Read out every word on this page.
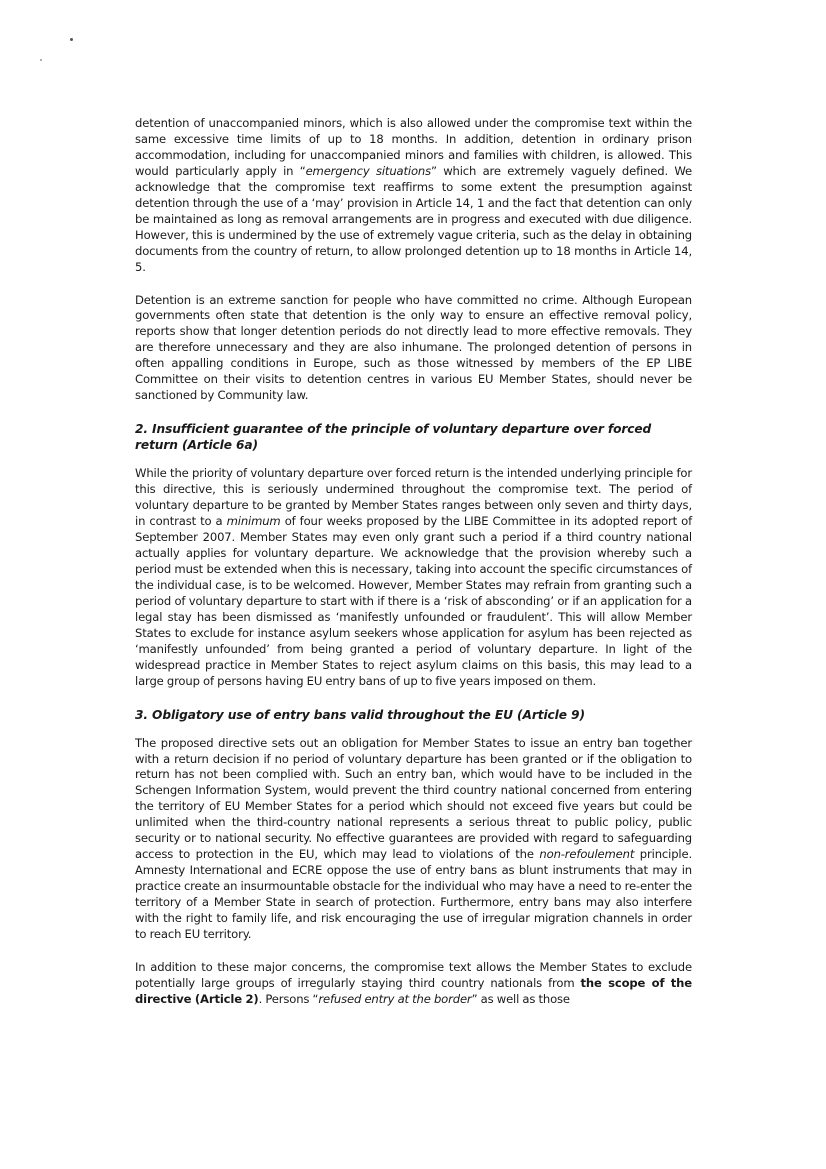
detention of unaccompanied minors, which is also allowed under the compromise text within the same excessive time limits of up to 18 months. In addition, detention in ordinary prison accommodation, including for unaccompanied minors and families with children, is allowed. This would particularly apply in “emergency situations” which are extremely vaguely defined. We acknowledge that the compromise text reaffirms to some extent the presumption against detention through the use of a ‘may’ provision in Article 14, 1 and the fact that detention can only be maintained as long as removal arrangements are in progress and executed with due diligence. However, this is undermined by the use of extremely vague criteria, such as the delay in obtaining documents from the country of return, to allow prolonged detention up to 18 months in Article 14, 5.

Detention is an extreme sanction for people who have committed no crime. Although European governments often state that detention is the only way to ensure an effective removal policy, reports show that longer detention periods do not directly lead to more effective removals. They are therefore unnecessary and they are also inhumane. The prolonged detention of persons in often appalling conditions in Europe, such as those witnessed by members of the EP LIBE Committee on their visits to detention centres in various EU Member States, should never be sanctioned by Community law.

2. Insufficient guarantee of the principle of voluntary departure over forced return (Article 6a)

While the priority of voluntary departure over forced return is the intended underlying principle for this directive, this is seriously undermined throughout the compromise text. The period of voluntary departure to be granted by Member States ranges between only seven and thirty days, in contrast to a minimum of four weeks proposed by the LIBE Committee in its adopted report of September 2007. Member States may even only grant such a period if a third country national actually applies for voluntary departure. We acknowledge that the provision whereby such a period must be extended when this is necessary, taking into account the specific circumstances of the individual case, is to be welcomed. However, Member States may refrain from granting such a period of voluntary departure to start with if there is a ‘risk of absconding’ or if an application for a legal stay has been dismissed as ‘manifestly unfounded or fraudulent’. This will allow Member States to exclude for instance asylum seekers whose application for asylum has been rejected as ‘manifestly unfounded’ from being granted a period of voluntary departure. In light of the widespread practice in Member States to reject asylum claims on this basis, this may lead to a large group of persons having EU entry bans of up to five years imposed on them.

3. Obligatory use of entry bans valid throughout the EU (Article 9)

The proposed directive sets out an obligation for Member States to issue an entry ban together with a return decision if no period of voluntary departure has been granted or if the obligation to return has not been complied with. Such an entry ban, which would have to be included in the Schengen Information System, would prevent the third country national concerned from entering the territory of EU Member States for a period which should not exceed five years but could be unlimited when the third-country national represents a serious threat to public policy, public security or to national security. No effective guarantees are provided with regard to safeguarding access to protection in the EU, which may lead to violations of the non-refoulement principle. Amnesty International and ECRE oppose the use of entry bans as blunt instruments that may in practice create an insurmountable obstacle for the individual who may have a need to re-enter the territory of a Member State in search of protection. Furthermore, entry bans may also interfere with the right to family life, and risk encouraging the use of irregular migration channels in order to reach EU territory.

In addition to these major concerns, the compromise text allows the Member States to exclude potentially large groups of irregularly staying third country nationals from the scope of the directive (Article 2). Persons “refused entry at the border” as well as those
